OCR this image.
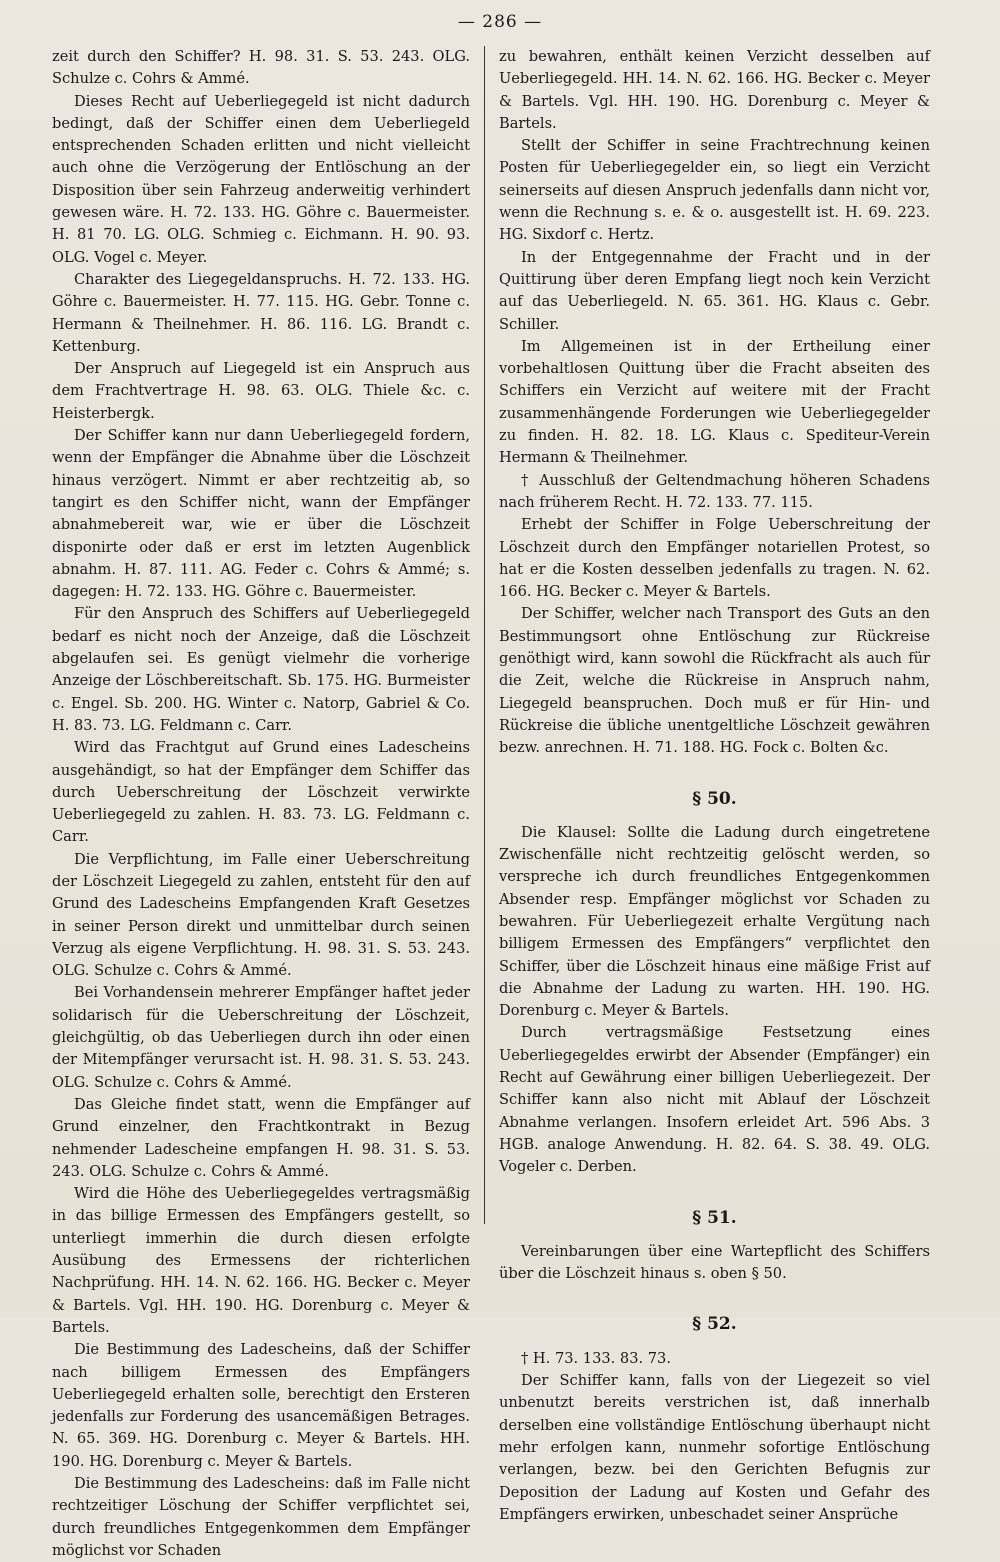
— 286 —

zeit durch den Schiffer? H. 98. 31. S. 53. 243. OLG. Schulze c. Cohrs & Ammé.

Dieses Recht auf Ueberliegegeld ist nicht dadurch bedingt, daß der Schiffer einen dem Ueberliegeld entsprechenden Schaden erlitten und nicht vielleicht auch ohne die Verzögerung der Entlöschung an der Disposition über sein Fahrzeug anderweitig verhindert gewesen wäre. H. 72. 133. HG. Göhre c. Bauermeister. H. 81 70. LG. OLG. Schmieg c. Eichmann. H. 90. 93. OLG. Vogel c. Meyer.

Charakter des Liegegeldanspruchs. H. 72. 133. HG. Göhre c. Bauermeister. H. 77. 115. HG. Gebr. Tonne c. Hermann & Theilnehmer. H. 86. 116. LG. Brandt c. Kettenburg.

Der Anspruch auf Liegegeld ist ein Anspruch aus dem Frachtvertrage H. 98. 63. OLG. Thiele &c. c. Heisterbergk.

Der Schiffer kann nur dann Ueberliegegeld fordern, wenn der Empfänger die Abnahme über die Löschzeit hinaus verzögert. Nimmt er aber rechtzeitig ab, so tangirt es den Schiffer nicht, wann der Empfänger abnahmebereit war, wie er über die Löschzeit disponirte oder daß er erst im letzten Augenblick abnahm. H. 87. 111. AG. Feder c. Cohrs & Ammé; s. dagegen: H. 72. 133. HG. Göhre c. Bauermeister.

Für den Anspruch des Schiffers auf Ueberliegegeld bedarf es nicht noch der Anzeige, daß die Löschzeit abgelaufen sei. Es genügt vielmehr die vorherige Anzeige der Löschbereitschaft. Sb. 175. HG. Burmeister c. Engel. Sb. 200. HG. Winter c. Natorp, Gabriel & Co. H. 83. 73. LG. Feldmann c. Carr.

Wird das Frachtgut auf Grund eines Ladescheins ausgehändigt, so hat der Empfänger dem Schiffer das durch Ueberschreitung der Löschzeit verwirkte Ueberliegegeld zu zahlen. H. 83. 73. LG. Feldmann c. Carr.

Die Verpflichtung, im Falle einer Ueberschreitung der Löschzeit Liegegeld zu zahlen, entsteht für den auf Grund des Ladescheins Empfangenden Kraft Gesetzes in seiner Person direkt und unmittelbar durch seinen Verzug als eigene Verpflichtung. H. 98. 31. S. 53. 243. OLG. Schulze c. Cohrs & Ammé.

Bei Vorhandensein mehrerer Empfänger haftet jeder solidarisch für die Ueberschreitung der Löschzeit, gleichgültig, ob das Ueberliegen durch ihn oder einen der Mitempfänger verursacht ist. H. 98. 31. S. 53. 243. OLG. Schulze c. Cohrs & Ammé.

Das Gleiche findet statt, wenn die Empfänger auf Grund einzelner, den Frachtkontrakt in Bezug nehmender Ladescheine empfangen H. 98. 31. S. 53. 243. OLG. Schulze c. Cohrs & Ammé.

Wird die Höhe des Ueberliegegeldes vertragsmäßig in das billige Ermessen des Empfängers gestellt, so unterliegt immerhin die durch diesen erfolgte Ausübung des Ermessens der richterlichen Nachprüfung. HH. 14. N. 62. 166. HG. Becker c. Meyer & Bartels. Vgl. HH. 190. HG. Dorenburg c. Meyer & Bartels.

Die Bestimmung des Ladescheins, daß der Schiffer nach billigem Ermessen des Empfängers Ueberliegegeld erhalten solle, berechtigt den Ersteren jedenfalls zur Forderung des usancemäßigen Betrages. N. 65. 369. HG. Dorenburg c. Meyer & Bartels. HH. 190. HG. Dorenburg c. Meyer & Bartels.

Die Bestimmung des Ladescheins: daß im Falle nicht rechtzeitiger Löschung der Schiffer verpflichtet sei, durch freundliches Entgegenkommen dem Empfänger möglichst vor Schaden

zu bewahren, enthält keinen Verzicht desselben auf Ueberliegegeld. HH. 14. N. 62. 166. HG. Becker c. Meyer & Bartels. Vgl. HH. 190. HG. Dorenburg c. Meyer & Bartels.

Stellt der Schiffer in seine Frachtrechnung keinen Posten für Ueberliegegelder ein, so liegt ein Verzicht seinerseits auf diesen Anspruch jedenfalls dann nicht vor, wenn die Rechnung s. e. & o. ausgestellt ist. H. 69. 223. HG. Sixdorf c. Hertz.

In der Entgegennahme der Fracht und in der Quittirung über deren Empfang liegt noch kein Verzicht auf das Ueberliegeld. N. 65. 361. HG. Klaus c. Gebr. Schiller.

Im Allgemeinen ist in der Ertheilung einer vorbehaltlosen Quittung über die Fracht abseiten des Schiffers ein Verzicht auf weitere mit der Fracht zusammenhängende Forderungen wie Ueberliegegelder zu finden. H. 82. 18. LG. Klaus c. Spediteur-Verein Hermann & Theilnehmer.

† Ausschluß der Geltendmachung höheren Schadens nach früherem Recht. H. 72. 133. 77. 115.

Erhebt der Schiffer in Folge Ueberschreitung der Löschzeit durch den Empfänger notariellen Protest, so hat er die Kosten desselben jedenfalls zu tragen. N. 62. 166. HG. Becker c. Meyer & Bartels.

Der Schiffer, welcher nach Transport des Guts an den Bestimmungsort ohne Entlöschung zur Rückreise genöthigt wird, kann sowohl die Rückfracht als auch für die Zeit, welche die Rückreise in Anspruch nahm, Liegegeld beanspruchen. Doch muß er für Hin- und Rückreise die übliche unentgeltliche Löschzeit gewähren bezw. anrechnen. H. 71. 188. HG. Fock c. Bolten &c.

§ 50.

Die Klausel: Sollte die Ladung durch eingetretene Zwischenfälle nicht rechtzeitig gelöscht werden, so verspreche ich durch freundliches Entgegenkommen Absender resp. Empfänger möglichst vor Schaden zu bewahren. Für Ueberliegezeit erhalte Vergütung nach billigem Ermessen des Empfängers“ verpflichtet den Schiffer, über die Löschzeit hinaus eine mäßige Frist auf die Abnahme der Ladung zu warten. HH. 190. HG. Dorenburg c. Meyer & Bartels.

Durch vertragsmäßige Festsetzung eines Ueberliegegeldes erwirbt der Absender (Empfänger) ein Recht auf Gewährung einer billigen Ueberliegezeit. Der Schiffer kann also nicht mit Ablauf der Löschzeit Abnahme verlangen. Insofern erleidet Art. 596 Abs. 3 HGB. analoge Anwendung. H. 82. 64. S. 38. 49. OLG. Vogeler c. Derben.

§ 51.

Vereinbarungen über eine Wartepflicht des Schiffers über die Löschzeit hinaus s. oben § 50.

§ 52.

† H. 73. 133. 83. 73.

Der Schiffer kann, falls von der Liegezeit so viel unbenutzt bereits verstrichen ist, daß innerhalb derselben eine vollständige Entlöschung überhaupt nicht mehr erfolgen kann, nunmehr sofortige Entlöschung verlangen, bezw. bei den Gerichten Befugnis zur Deposition der Ladung auf Kosten und Gefahr des Empfängers erwirken, unbeschadet seiner Ansprüche
